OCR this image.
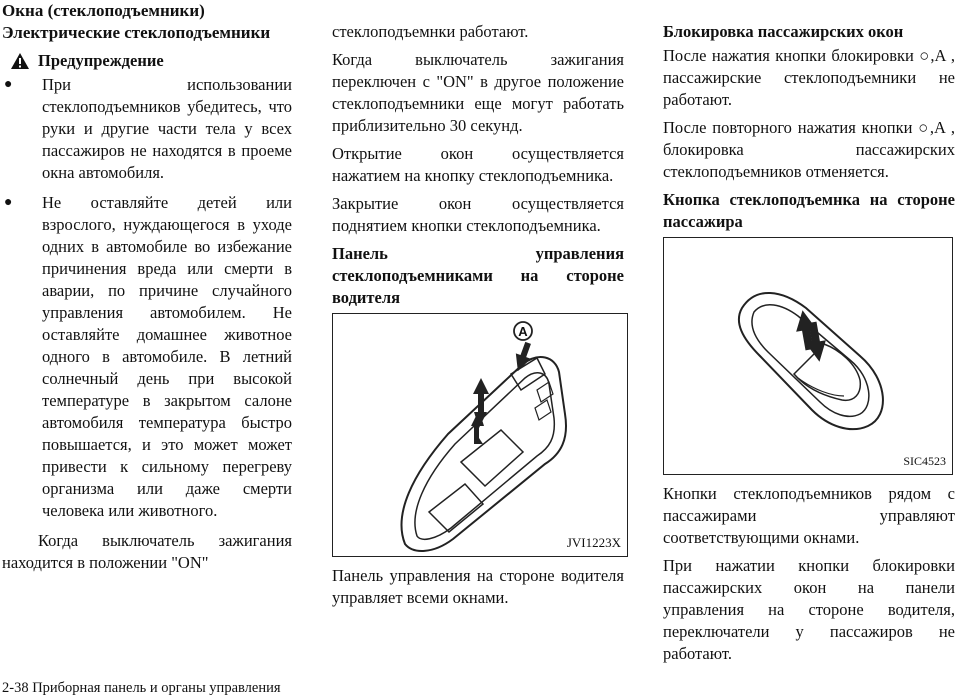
Окна (стеклоподъемники)
Электрические стеклоподъемники
Предупреждение
●	При использовании стеклоподъемников убедитесь, что руки и другие части тела у всех пассажиров не находятся в проеме окна автомобиля.
●	Не оставляйте детей или взрослого, нуждающегося в уходе одних в автомобиле во избежание причинения вреда или смерти в аварии, по причине случайного управления автомобилем. Не оставляйте домашнее животное одного в автомобиле. В летний солнечный день при высокой температуре в закрытом салоне автомобиля температура быстро повышается, и это может может привести к сильному перегреву организма или даже смерти человека или животного.

Когда выключатель зажигания находится в положении "ON"

стеклоподъемнки работают.

Когда выключатель зажигания переключен с "ON" в другое положение стеклоподъемники еще могут работать приблизительно 30 секунд.

Открытие окон осуществляется нажатием на кнопку стеклоподъемника.

Закрытие окон осуществляется поднятием кнопки стеклоподъемника.

Панель управления стеклоподъемниками на стороне водителя

A
JVI1223X

Панель управления на стороне водителя управляет всеми окнами.

Блокировка пассажирских окон

После нажатия кнопки блокировки ○,A , пассажирские стеклоподъемники не работают.

После повторного нажатия кнопки ○,A , блокировка пассажирских стеклоподъемников отменяется.

Кнопка стеклоподъемнка на стороне пассажира

SIC4523

Кнопки стеклоподъемников рядом с пассажирами управляют соответствующими окнами.

При нажатии кнопки блокировки пассажирских окон на панели управления на стороне водителя, переключатели у пассажиров не работают.

2-38 Приборная панель и органы управления
